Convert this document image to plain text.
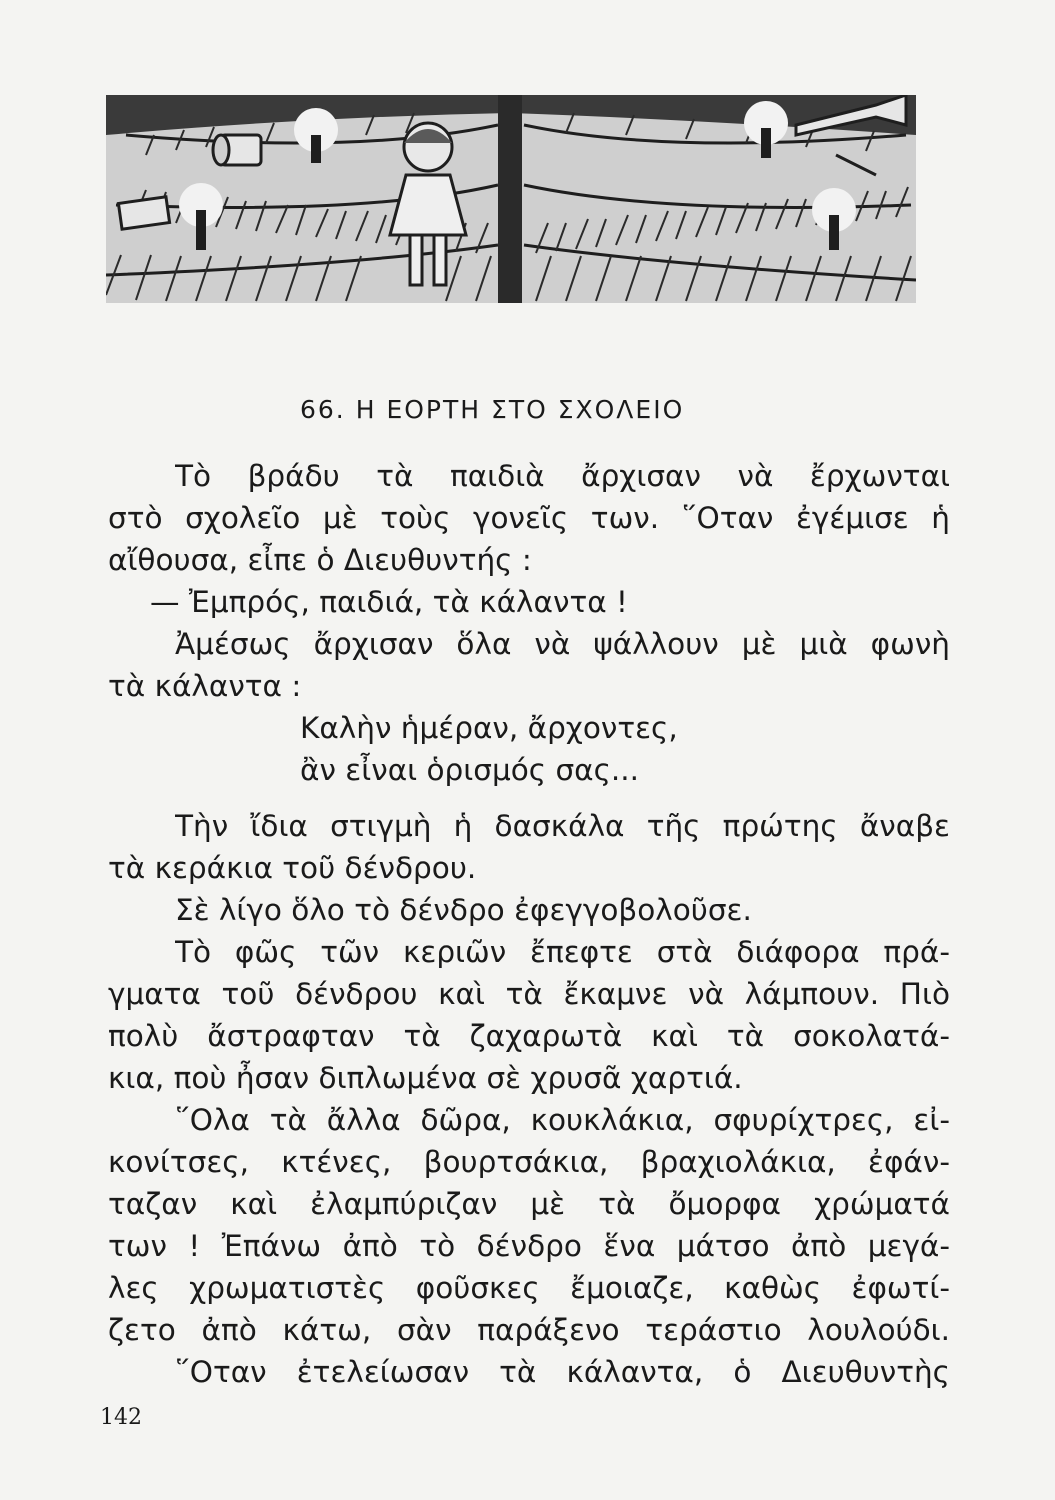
66. Η ΕΟΡΤΗ ΣΤΟ ΣΧΟΛΕΙΟ
Τὸ βράδυ τὰ παιδιὰ ἄρχισαν νὰ ἔρχωνται
στὸ σχολεῖο μὲ τοὺς γονεῖς των. ῞Οταν ἐγέμισε ἡ
αἴθουσα, εἶπε ὁ Διευθυντής :
— Ἐμπρός, παιδιά, τὰ κάλαντα !
Ἀμέσως ἄρχισαν ὅλα νὰ ψάλλουν μὲ μιὰ φωνὴ
τὰ κάλαντα :
Καλὴν ἡμέραν, ἄρχοντες,
ἂν εἶναι ὁρισμός σας...
Τὴν ἴδια στιγμὴ ἡ δασκάλα τῆς πρώτης ἄναβε
τὰ κεράκια τοῦ δένδρου.
Σὲ λίγο ὅλο τὸ δένδρο ἐφεγγοβολοῦσε.
Τὸ φῶς τῶν κεριῶν ἔπεφτε στὰ διάφορα πρά-
γματα τοῦ δένδρου καὶ τὰ ἔκαμνε νὰ λάμπουν. Πιὸ
πολὺ ἄστραφταν τὰ ζαχαρωτὰ καὶ τὰ σοκολατά-
κια, ποὺ ἦσαν διπλωμένα σὲ χρυσᾶ χαρτιά.
῞Ολα τὰ ἄλλα δῶρα, κουκλάκια, σφυρίχτρες, εἰ-
κονίτσες, κτένες, βουρτσάκια, βραχιολάκια, ἐφάν-
ταζαν καὶ ἐλαμπύριζαν μὲ τὰ ὄμορφα χρώματά
των ! Ἐπάνω ἀπὸ τὸ δένδρο ἕνα μάτσο ἀπὸ μεγά-
λες χρωματιστὲς φοῦσκες ἔμοιαζε, καθὼς ἐφωτί-
ζετο ἀπὸ κάτω, σὰν παράξενο τεράστιο λουλούδι.
῞Οταν ἐτελείωσαν τὰ κάλαντα, ὁ Διευθυντὴς
142
